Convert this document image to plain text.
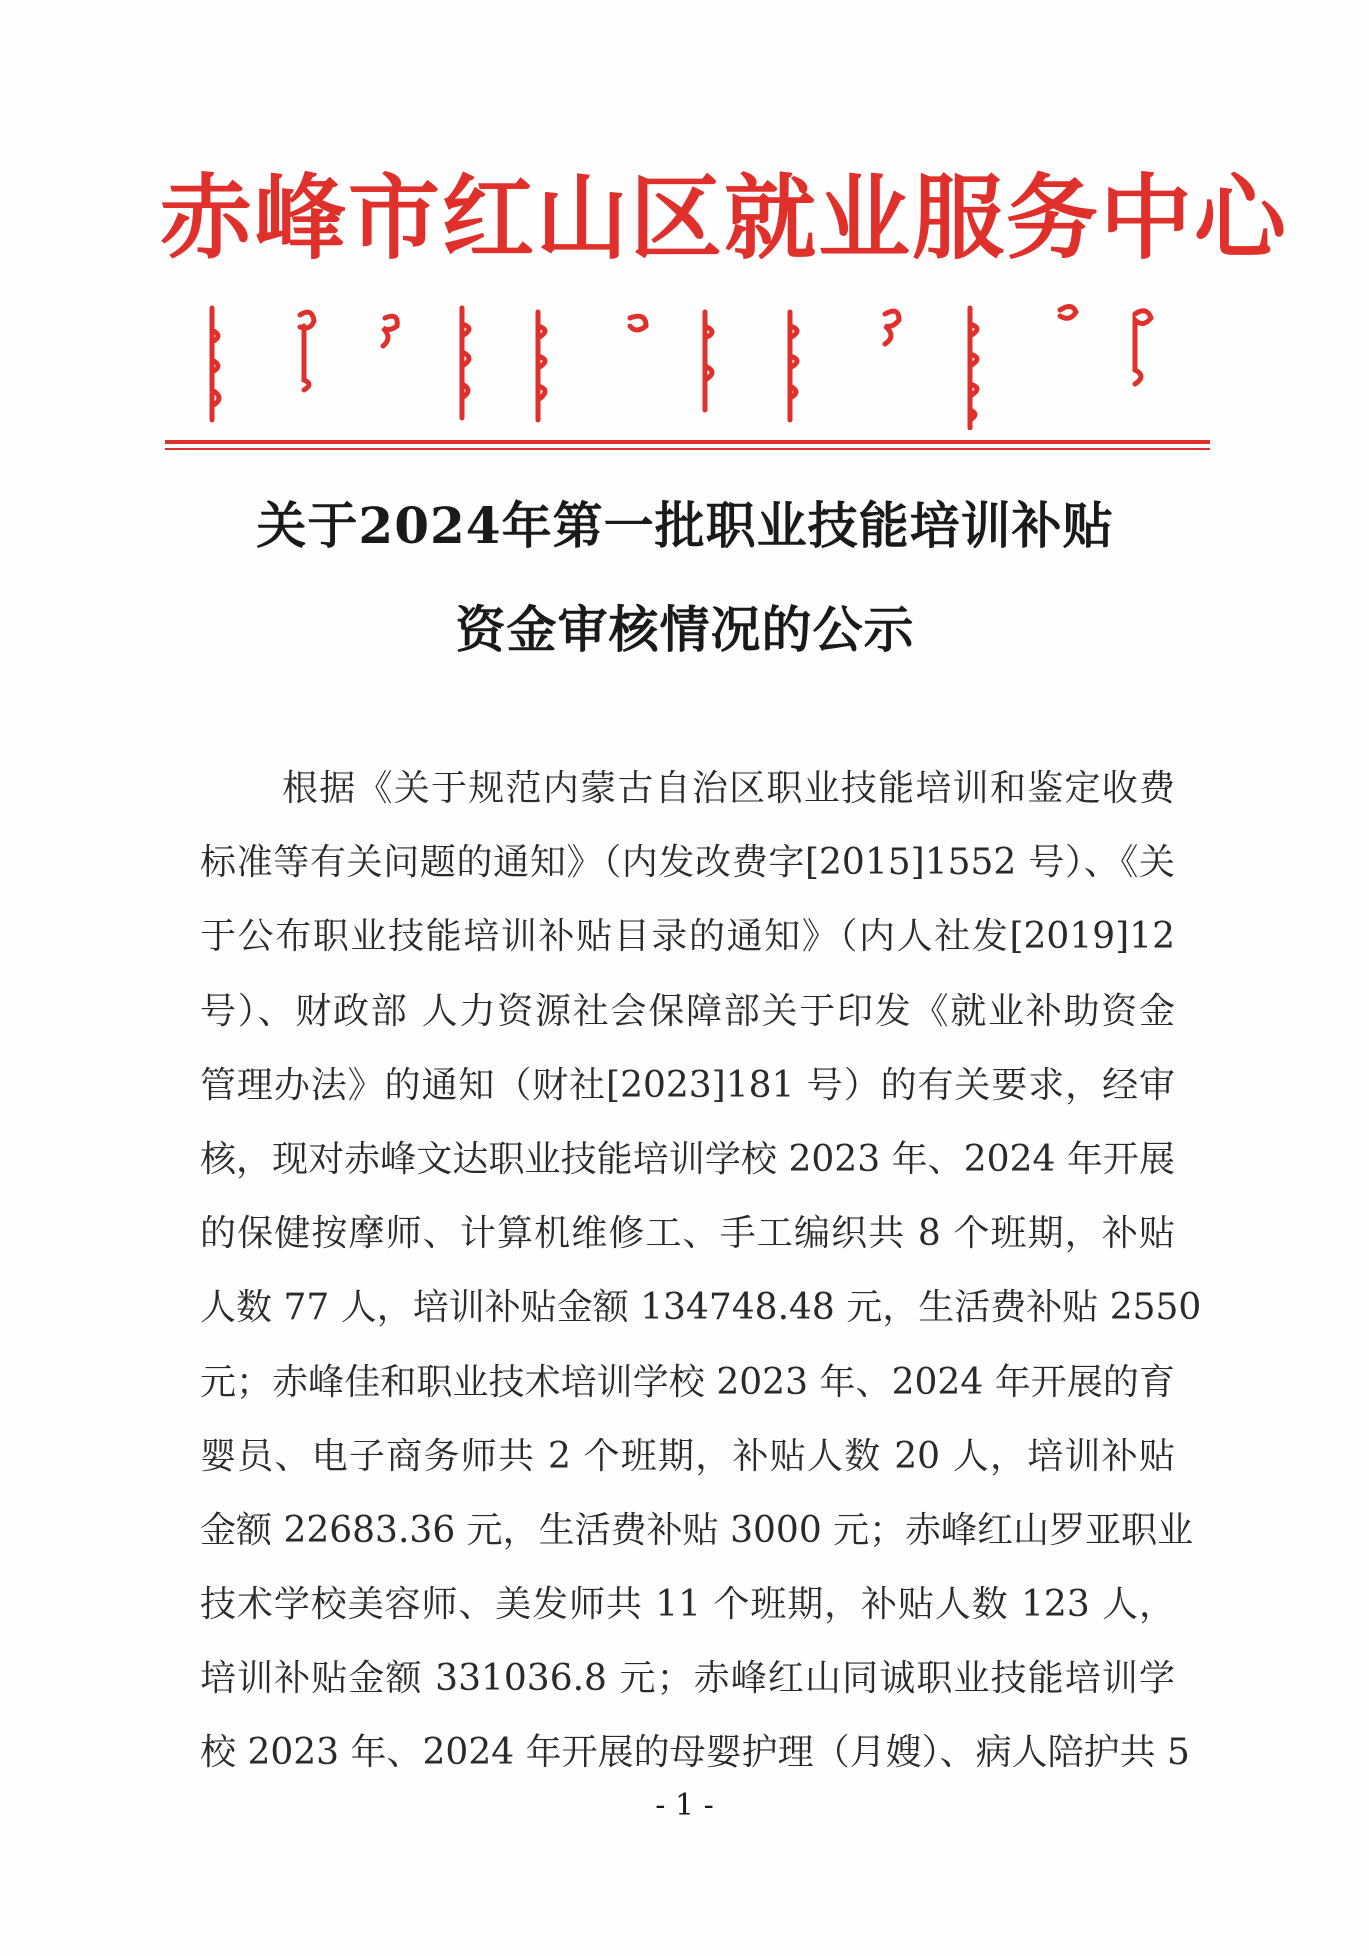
赤峰市红山区就业服务中心
关于2024年第一批职业技能培训补贴
资金审核情况的公示
根据《关于规范内蒙古自治区职业技能培训和鉴定收费
标准等有关问题的通知》（内发改费字[2015]1552 号）、《关
于公布职业技能培训补贴目录的通知》（内人社发[2019]12
号）、财政部 人力资源社会保障部关于印发《就业补助资金
管理办法》的通知（财社[2023]181 号）的有关要求，经审
核，现对赤峰文达职业技能培训学校 2023 年、2024 年开展
的保健按摩师、计算机维修工、手工编织共 8 个班期，补贴
人数 77 人，培训补贴金额 134748.48 元，生活费补贴 2550
元；赤峰佳和职业技术培训学校 2023 年、2024 年开展的育
婴员、电子商务师共 2 个班期，补贴人数 20 人，培训补贴
金额 22683.36 元，生活费补贴 3000 元；赤峰红山罗亚职业
技术学校美容师、美发师共 11 个班期，补贴人数 123 人，
培训补贴金额 331036.8 元；赤峰红山同诚职业技能培训学
校 2023 年、2024 年开展的母婴护理（月嫂）、病人陪护共 5
- 1 -
